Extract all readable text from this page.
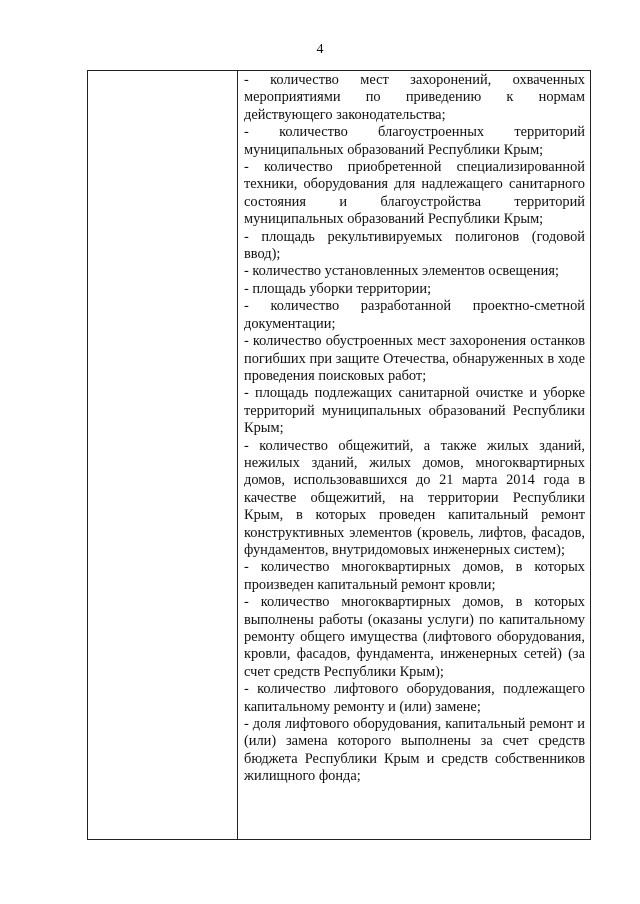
4

- количество мест захоронений, охваченных мероприятиями по приведению к нормам действующего законодательства;

- количество благоустроенных территорий муниципальных образований Республики Крым;

- количество приобретенной специализированной техники, оборудования для надлежащего санитарного состояния и благоустройства территорий муниципальных образований Республики Крым;

- площадь рекультивируемых полигонов (годовой ввод);

- количество установленных элементов освещения;

- площадь уборки территории;

- количество разработанной проектно-сметной документации;

- количество обустроенных мест захоронения останков погибших при защите Отечества, обнаруженных в ходе проведения поисковых работ;

- площадь подлежащих санитарной очистке и уборке территорий муниципальных образований Республики Крым;

- количество общежитий, а также жилых зданий, нежилых зданий, жилых домов, многоквартирных домов, использовавшихся до 21 марта 2014 года в качестве общежитий, на территории Республики Крым, в которых проведен капитальный ремонт конструктивных элементов (кровель, лифтов, фасадов, фундаментов, внутридомовых инженерных систем);

- количество многоквартирных домов, в которых произведен капитальный ремонт кровли;

- количество многоквартирных домов, в которых выполнены работы (оказаны услуги) по капитальному ремонту общего имущества (лифтового оборудования, кровли, фасадов, фундамента, инженерных сетей) (за счет средств Республики Крым);

- количество лифтового оборудования, подлежащего капитальному ремонту и (или) замене;

- доля лифтового оборудования, капитальный ремонт и (или) замена которого выполнены за счет средств бюджета Республики Крым и средств собственников жилищного фонда;
